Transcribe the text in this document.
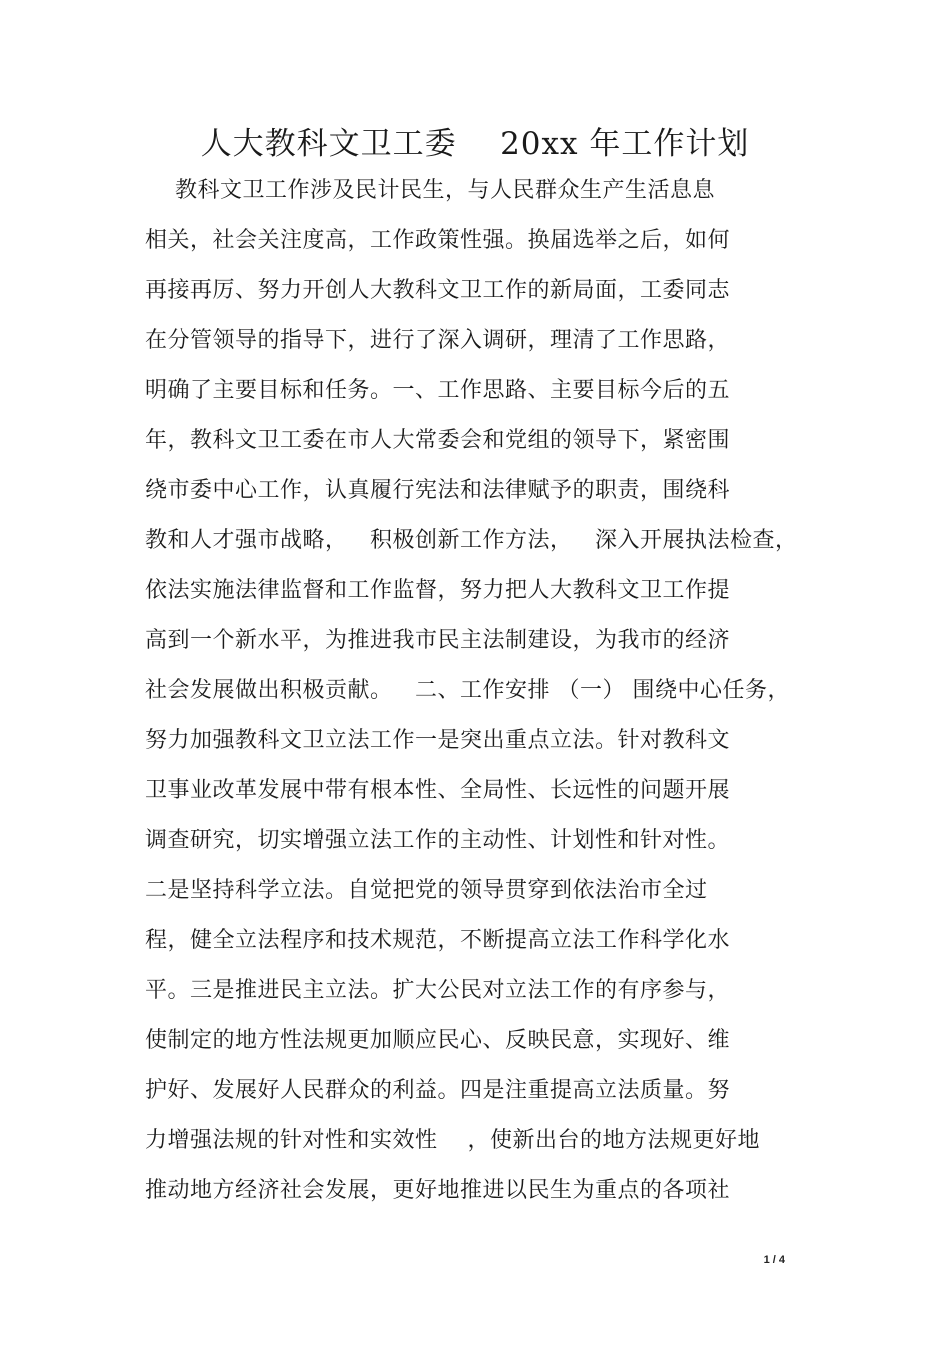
人大教科文卫工委    20xx 年工作计划
教科文卫工作涉及民计民生，与人民群众生产生活息息
相关，社会关注度高，工作政策性强。换届选举之后，如何
再接再厉、努力开创人大教科文卫工作的新局面，工委同志
在分管领导的指导下，进行了深入调研，理清了工作思路，
明确了主要目标和任务。一、工作思路、主要目标今后的五
年，教科文卫工委在市人大常委会和党组的领导下，紧密围
绕市委中心工作，认真履行宪法和法律赋予的职责，围绕科
教和人才强市战略，   积极创新工作方法，   深入开展执法检查，
依法实施法律监督和工作监督，努力把人大教科文卫工作提
高到一个新水平，为推进我市民主法制建设，为我市的经济
社会发展做出积极贡献。   二、工作安排 （一） 围绕中心任务，
努力加强教科文卫立法工作一是突出重点立法。针对教科文
卫事业改革发展中带有根本性、全局性、长远性的问题开展
调查研究，切实增强立法工作的主动性、计划性和针对性。
二是坚持科学立法。自觉把党的领导贯穿到依法治市全过
程，健全立法程序和技术规范，不断提高立法工作科学化水
平。三是推进民主立法。扩大公民对立法工作的有序参与，
使制定的地方性法规更加顺应民心、反映民意，实现好、维
护好、发展好人民群众的利益。四是注重提高立法质量。努
力增强法规的针对性和实效性    ，使新出台的地方法规更好地
推动地方经济社会发展，更好地推进以民生为重点的各项社
1 / 4
